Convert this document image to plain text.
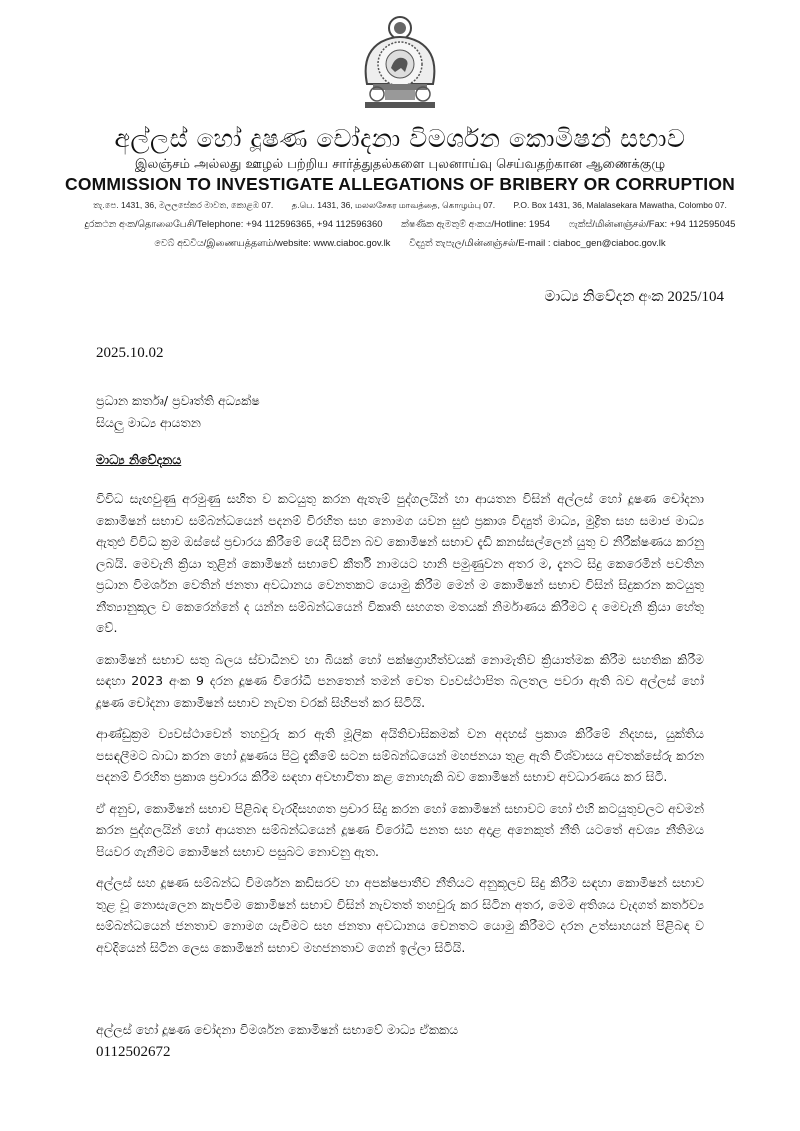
අල්ලස් හෝ දූෂණ චෝදනා විමර්ශන කොමිෂන් සභාව
இலஞ்சம் அல்லது ஊழல் பற்றிய சார்த்துதல்களை புலனாய்வு செய்வதற்கான ஆணைக்குழு
COMMISSION TO INVESTIGATE ALLEGATIONS OF BRIBERY OR CORRUPTION
තැ.පෙ. 1431, 36, මලලසේකර මාවත, කොළඹ 07. த.பெ. 1431, 36, மலலசேகர மாவத்தை, கொழும்பு 07. P.O. Box 1431, 36, Malalasekara Mawatha, Colombo 07.
දුරකථන අංක/தொலைபேசி/Telephone: +94 112596365, +94 112596360 ක්ෂණික ඇමතුම් අංකය/Hotline: 1954 ෆැක්ස්/மின்னஞ்சல்/Fax: +94 112595045
වෙබ් අඩවිය/இணையத்தளம்/website: www.ciaboc.gov.lk විද්‍යුත් තැපැල/மின்னஞ்சல்/E-mail : ciaboc_gen@ciaboc.gov.lk
මාධ්‍ය නිවේදන අංක 2025/104
2025.10.02
ප්‍රධාන කර්තෘ/ ප්‍රවෘත්ති අධ්‍යක්ෂ
සියලු මාධ්‍ය ආයතන
මාධ්‍ය නිවේදනය

විවිධ සැඟවුණු අරමුණු සහිත ව කටයුතු කරන ඇතැම් පුද්ගලයින් හා ආයතන විසින් අල්ලස් හෝ දූෂණ චෝදනා කොමිෂන් සභාව සම්බන්ධයෙන් පදනම් විරහිත සහ නොමග යවන සුළු ප්‍රකාශ විද්‍යුත් මාධ්‍ය, මුද්‍රිත සහ සමාජ මාධ්‍ය ඇතුළු විවිධ ක්‍රම ඔස්සේ ප්‍රචාරය කිරීමේ යෙදී සිටින බව කොමිෂන් සභාව දැඩි කනස්සල්ලෙන් යුතු ව නිරීක්ෂණය කරනු ලබයි. මෙවැනි ක්‍රියා තුළින් කොමිෂන් සභාවේ කීර්ති නාමයට හානි පමුණුවන අතර ම, දැනට සිදු කෙරෙමින් පවතින ප්‍රධාන විමර්ශන වෙතින් ජනතා අවධානය වෙනතකට යොමු කිරීම මෙන් ම කොමිෂන් සභාව විසින් සිදුකරන කටයුතු නීත්‍යානුකූල ව කෙරෙන්නේ ද යන්න සම්බන්ධයෙන් විකෘති සහගත මතයක් නිර්මාණය කිරීමට ද මෙවැනි ක්‍රියා හේතු වේ.

කොමිෂන් සභාව සතු බලය ස්වාධීනව හා බියක් හෝ පක්ෂග්‍රාහීත්වයක් නොමැතිව ක්‍රියාත්මක කිරීම සහතික කිරීම සඳහා 2023 අංක 9 දරන දූෂණ විරෝධී පනතෙන් තමන් වෙත ව්‍යවස්ථාපිත බලතල පවරා ඇති බව අල්ලස් හෝ දූෂණ චෝදනා කොමිෂන් සභාව නැවත වරක් සිහිපත් කර සිටියි.

ආණ්ඩුක්‍රම ව්‍යවස්ථාවෙන් තහවුරු කර ඇති මූලික අයිතිවාසිකමක් වන අදහස් ප්‍රකාශ කිරීමේ නිදහස, යුක්තිය පසඳලීමට බාධා කරන හෝ දූෂණය පිටු දැකීමේ සටන සම්බන්ධයෙන් මහජනයා තුළ ඇති විශ්වාසය අවතක්සේරු කරන පදනම් විරහිත ප්‍රකාශ ප්‍රචාරය කිරීම සඳහා අවභාවිතා කළ නොහැකි බව කොමිෂන් සභාව අවධාරණය කර සිටී.

ඒ අනුව, කොමිෂන් සභාව පිළිබඳ වැරදිසහගත ප්‍රචාර සිදු කරන හෝ කොමිෂන් සභාවට හෝ එහි කටයුතුවලට අවමන් කරන පුද්ගලයින් හෝ ආයතන සම්බන්ධයෙන් දූෂණ විරෝධී පනත සහ අදාළ අනෙකුත් නීති යටතේ අවශ්‍ය නීතිමය පියවර ගැනීමට කොමිෂන් සභාව පසුබට නොවනු ඇත.

අල්ලස් සහ දූෂණ සම්බන්ධ විමර්ශන කඩිසරව හා අපක්ෂපාතීව නීතියට අනුකූලව සිදු කිරීම සඳහා කොමිෂන් සභාව තුළ වූ නොසැලෙන කැපවීම කොමිෂන් සභාව විසින් නැවතත් තහවුරු කර සිටින අතර, මෙම අතිශය වැදගත් කර්තව්‍ය සම්බන්ධයෙන් ජනතාව නොමග යැවීමට සහ ජනතා අවධානය වෙනතට යොමු කිරීමට දරන උත්සාහයන් පිළිබඳ ව අවදියෙන් සිටින ලෙස කොමිෂන් සභාව මහජනතාව ගෙන් ඉල්ලා සිටියි.

අල්ලස් හෝ දූෂණ චෝදනා විමර්ශන කොමිෂන් සභාවේ මාධ්‍ය ඒකකය
0112502672
